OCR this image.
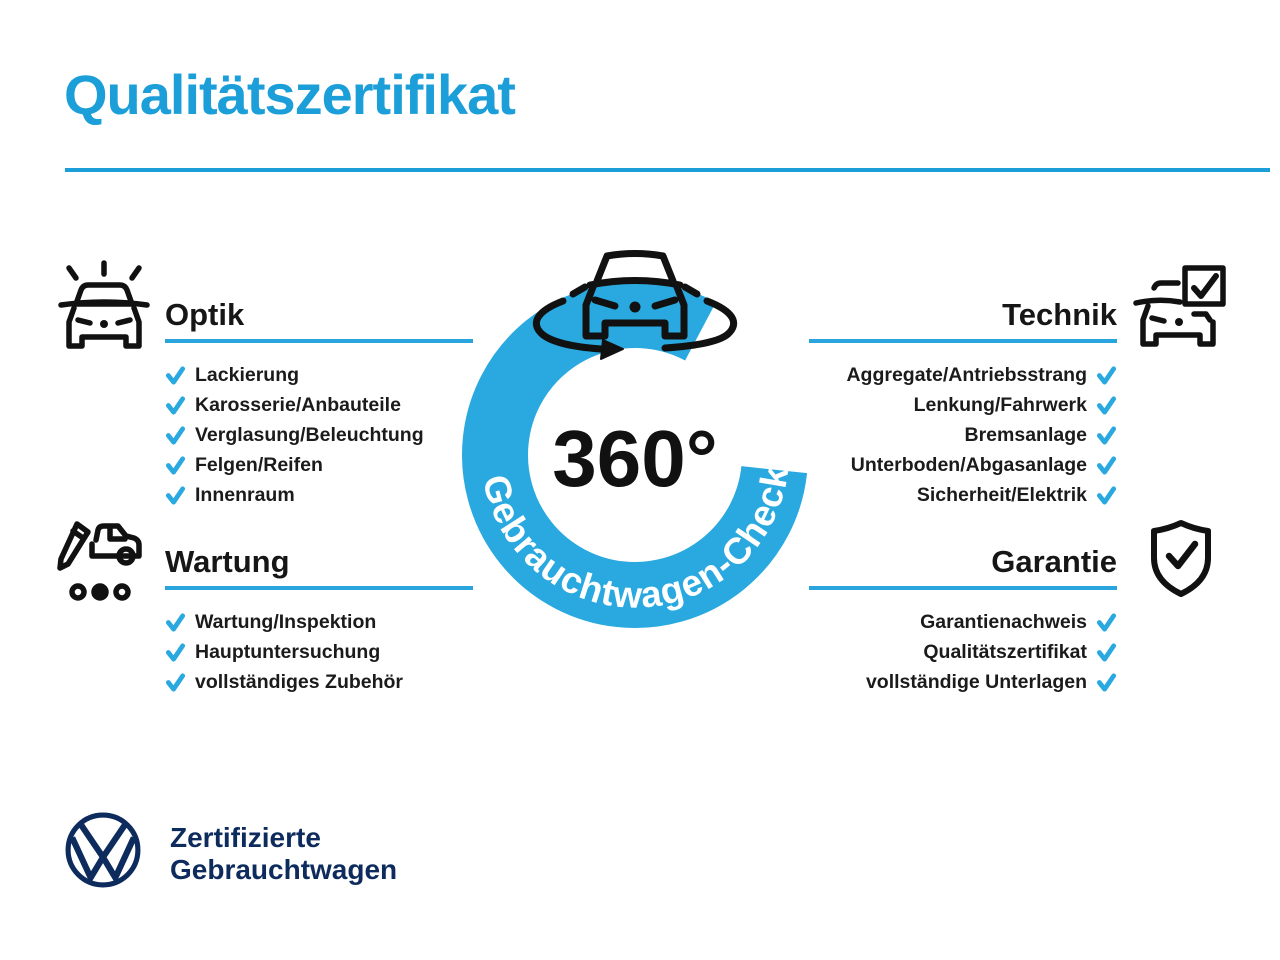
Qualitätszertifikat
Optik
Lackierung
Karosserie/Anbauteile
Verglasung/Beleuchtung
Felgen/Reifen
Innenraum
Wartung
Wartung/Inspektion
Hauptuntersuchung
vollständiges Zubehör
Technik
Aggregate/Antriebsstrang
Lenkung/Fahrwerk
Bremsanlage
Unterboden/Abgasanlage
Sicherheit/Elektrik
Garantie
Garantienachweis
Qualitätszertifikat
vollständige Unterlagen
Gebrauchtwagen-Check
360°
Zertifizierte
Gebrauchtwagen
